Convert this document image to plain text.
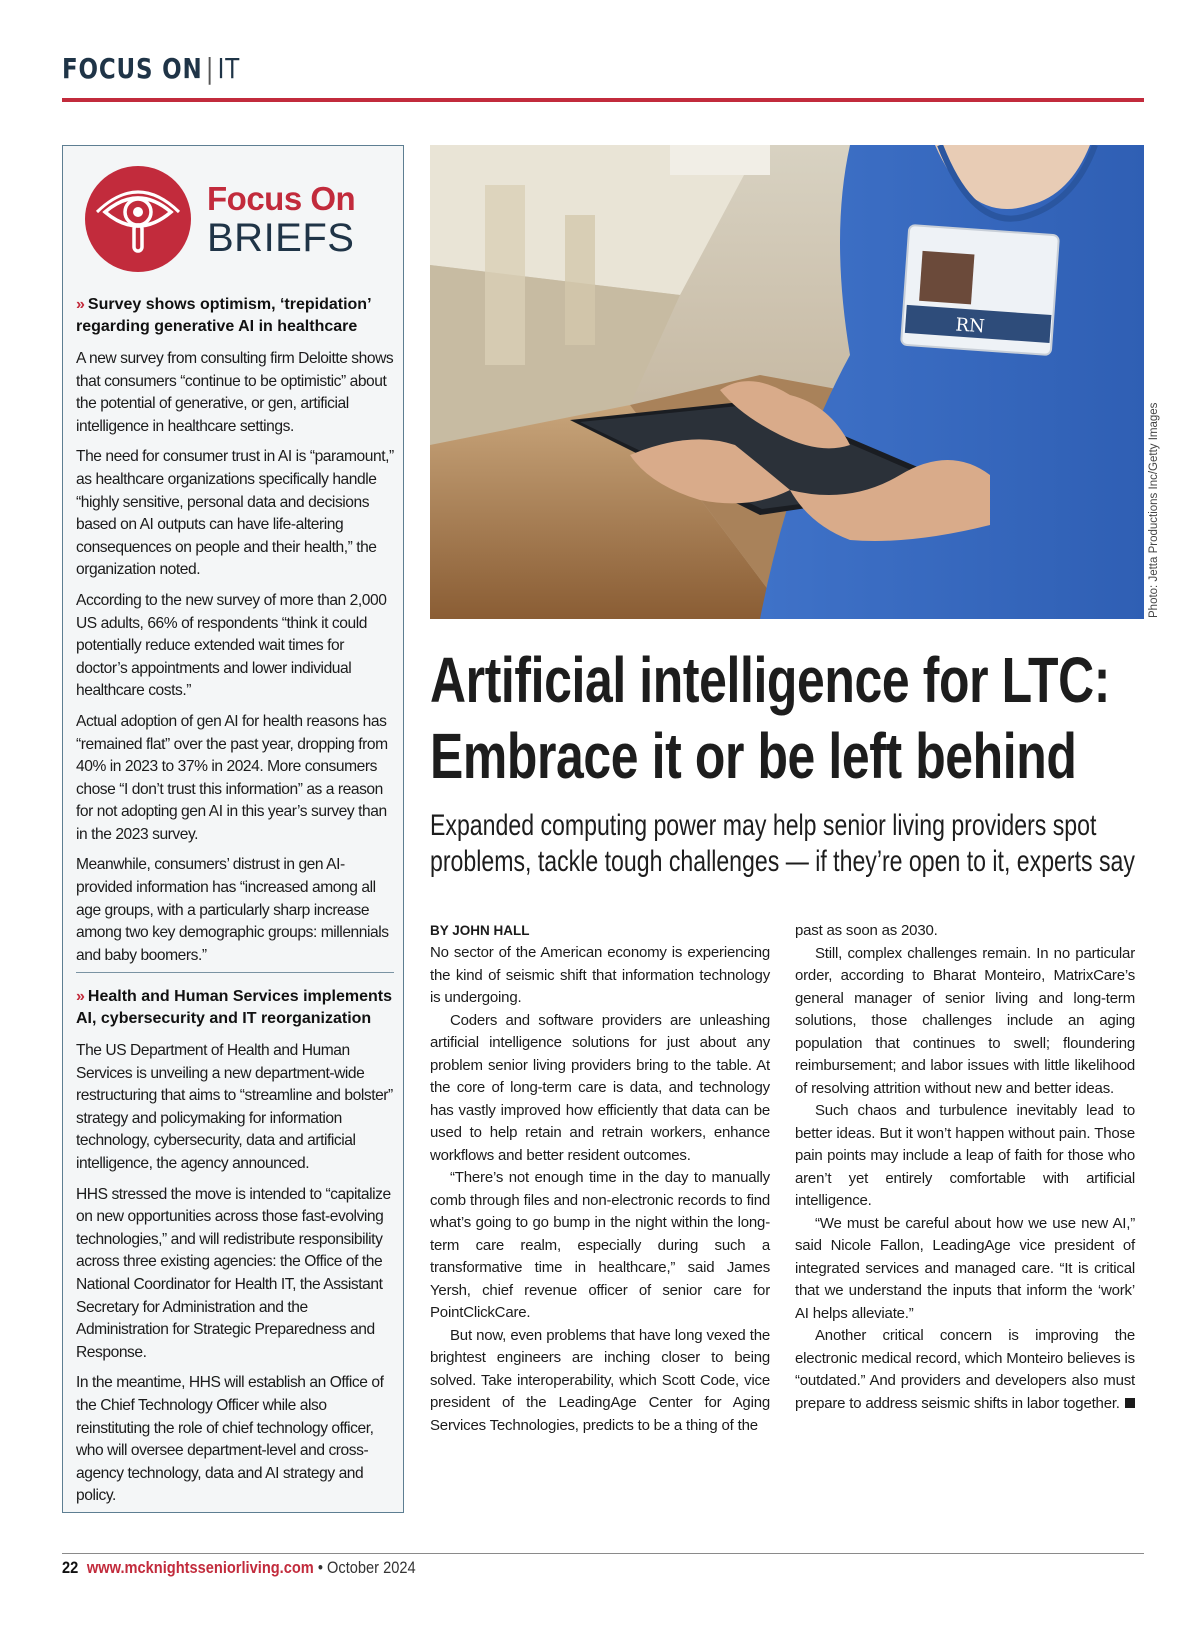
FOCUS ON | IT
Focus On
BRIEFS
» Survey shows optimism, ‘trepidation’ regarding generative AI in healthcare

A new survey from consulting firm Deloitte shows that consumers “continue to be optimistic” about the potential of generative, or gen, artificial intelligence in healthcare settings.

The need for consumer trust in AI is “paramount,” as healthcare organizations specifically handle “highly sensitive, personal data and decisions based on AI outputs can have life-altering consequences on people and their health,” the organization noted.

According to the new survey of more than 2,000 US adults, 66% of respondents “think it could potentially reduce extended wait times for doctor’s appointments and lower individual healthcare costs.”

Actual adoption of gen AI for health reasons has “remained flat” over the past year, dropping from 40% in 2023 to 37% in 2024. More consumers chose “I don’t trust this information” as a reason for not adopting gen AI in this year’s survey than in the 2023 survey.

Meanwhile, consumers’ distrust in gen AI-provided information has “increased among all age groups, with a particularly sharp increase among two key demographic groups: millennials and baby boomers.”

» Health and Human Services implements AI, cybersecurity and IT reorganization

The US Department of Health and Human Services is unveiling a new department-wide restructuring that aims to “streamline and bolster” strategy and policymaking for information technology, cybersecurity, data and artificial intelligence, the agency announced.

HHS stressed the move is intended to “capitalize on new opportunities across those fast-evolving technologies,” and will redistribute responsibility across three existing agencies: the Office of the National Coordinator for Health IT, the Assistant Secretary for Administration and the Administration for Strategic Preparedness and Response.

In the meantime, HHS will establish an Office of the Chief Technology Officer while also reinstituting the role of chief technology officer, who will oversee department-level and cross-agency technology, data and AI strategy and policy.

RN
Photo: Jetta Productions Inc/Getty Images
Artificial intelligence for LTC:
Embrace it or be left behind
Expanded computing power may help senior living providers spot
problems, tackle tough challenges — if they’re open to it, experts say
BY JOHN HALL

No sector of the American economy is experiencing the kind of seismic shift that information technology is undergoing.

Coders and software providers are unleashing artificial intelligence solutions for just about any problem senior living providers bring to the table. At the core of long-term care is data, and technology has vastly improved how efficiently that data can be used to help retain and retrain workers, enhance workflows and better resident outcomes.

“There’s not enough time in the day to manually comb through files and non-electronic records to find what’s going to go bump in the night within the long-term care realm, especially during such a transformative time in healthcare,” said James Yersh, chief revenue officer of senior care for PointClickCare.

But now, even problems that have long vexed the brightest engineers are inching closer to being solved. Take interoperability, which Scott Code, vice president of the LeadingAge Center for Aging Services Technologies, predicts to be a thing of the

past as soon as 2030.

Still, complex challenges remain. In no particular order, according to Bharat Monteiro, MatrixCare’s general manager of senior living and long-term solutions, those challenges include an aging population that continues to swell; floundering reimbursement; and labor issues with little likelihood of resolving attrition without new and better ideas.

Such chaos and turbulence inevitably lead to better ideas. But it won’t happen without pain. Those pain points may include a leap of faith for those who aren’t yet entirely comfortable with artificial intelligence.

“We must be careful about how we use new AI,” said Nicole Fallon, LeadingAge vice president of integrated services and managed care. “It is critical that we understand the inputs that inform the ‘work’ AI helps alleviate.”

Another critical concern is improving the electronic medical record, which Monteiro believes is “outdated.” And providers and developers also must prepare to address seismic shifts in labor together.

22 www.mcknightsseniorliving.com • October 2024
